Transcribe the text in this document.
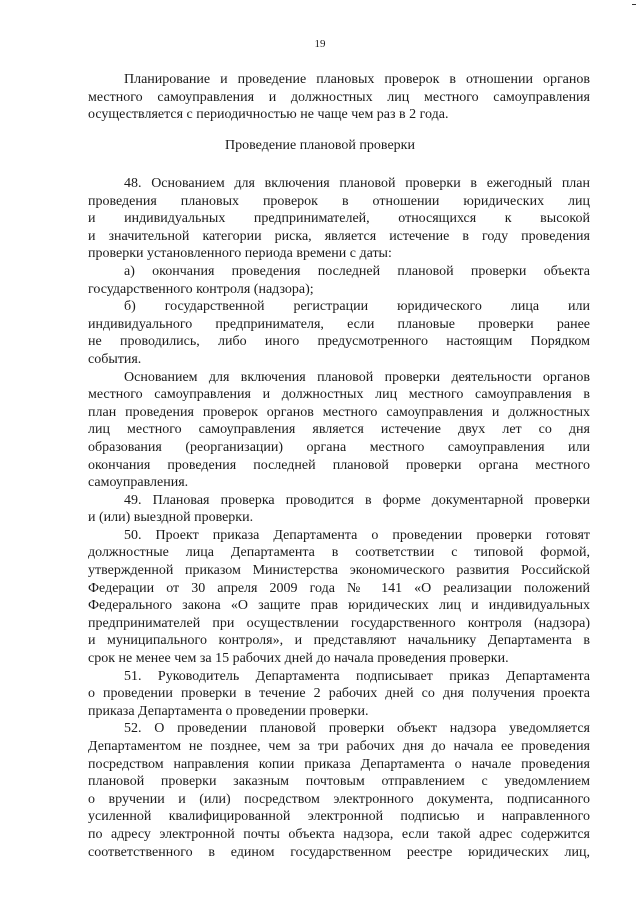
19
Планирование и проведение плановых проверок в отношении органов
местного самоуправления и должностных лиц местного самоуправления
осуществляется с периодичностью не чаще чем раз в 2 года.
Проведение плановой проверки
48. Основанием для включения плановой проверки в ежегодный план
проведения плановых проверок в отношении юридических лиц
и индивидуальных предпринимателей, относящихся к высокой
и значительной категории риска, является истечение в году проведения
проверки установленного периода времени с даты:
а) окончания проведения последней плановой проверки объекта
государственного контроля (надзора);
б) государственной регистрации юридического лица или
индивидуального предпринимателя, если плановые проверки ранее
не проводились, либо иного предусмотренного настоящим Порядком
события.
Основанием для включения плановой проверки деятельности органов
местного самоуправления и должностных лиц местного самоуправления в
план проведения проверок органов местного самоуправления и должностных
лиц местного самоуправления является истечение двух лет со дня
образования (реорганизации) органа местного самоуправления или
окончания проведения последней плановой проверки органа местного
самоуправления.
49. Плановая проверка проводится в форме документарной проверки
и (или) выездной проверки.
50. Проект приказа Департамента о проведении проверки готовят
должностные лица Департамента в соответствии с типовой формой,
утвержденной приказом Министерства экономического развития Российской
Федерации от 30 апреля 2009 года № 141 «О реализации положений
Федерального закона «О защите прав юридических лиц и индивидуальных
предпринимателей при осуществлении государственного контроля (надзора)
и муниципального контроля», и представляют начальнику Департамента в
срок не менее чем за 15 рабочих дней до начала проведения проверки.
51. Руководитель Департамента подписывает приказ Департамента
о проведении проверки в течение 2 рабочих дней со дня получения проекта
приказа Департамента о проведении проверки.
52. О проведении плановой проверки объект надзора уведомляется
Департаментом не позднее, чем за три рабочих дня до начала ее проведения
посредством направления копии приказа Департамента о начале проведения
плановой проверки заказным почтовым отправлением с уведомлением
о вручении и (или) посредством электронного документа, подписанного
усиленной квалифицированной электронной подписью и направленного
по адресу электронной почты объекта надзора, если такой адрес содержится
соответственного в едином государственном реестре юридических лиц,
